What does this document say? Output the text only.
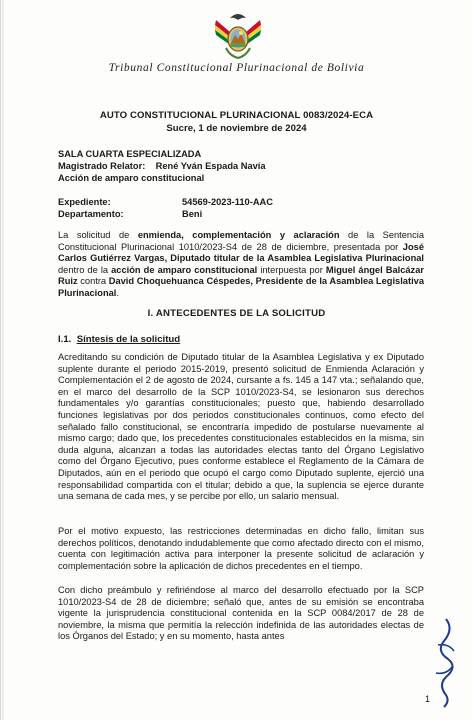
Tribunal Constitucional Plurinacional de Bolivia
AUTO CONSTITUCIONAL PLURINACIONAL 0083/2024-ECA
Sucre, 1 de noviembre de 2024
SALA CUARTA ESPECIALIZADA
Magistrado Relator: René Yván Espada Navía
Acción de amparo constitucional
Expediente:	54569-2023-110-AAC
Departamento:	Beni
La solicitud de enmienda, complementación y aclaración de la Sentencia Constitucional Plurinacional 1010/2023-S4 de 28 de diciembre, presentada por José Carlos Gutiérrez Vargas, Diputado titular de la Asamblea Legislativa Plurinacional dentro de la acción de amparo constitucional interpuesta por Miguel ángel Balcázar Ruiz contra David Choquehuanca Céspedes, Presidente de la Asamblea Legislativa Plurinacional.
I. ANTECEDENTES DE LA SOLICITUD
I.1. Síntesis de la solicitud
Acreditando su condición de Diputado titular de la Asamblea Legislativa y ex Diputado suplente durante el periodo 2015-2019, presentó solicitud de Enmienda Aclaración y Complementación el 2 de agosto de 2024, cursante a fs. 145 a 147 vta.; señalando que, en el marco del desarrollo de la SCP 1010/2023-S4, se lesionaron sus derechos fundamentales y/o garantías constitucionales; puesto que, habiendo desarrollado funciones legislativas por dos periodos constitucionales continuos, como efecto del señalado fallo constitucional, se encontraría impedido de postularse nuevamente al mismo cargo; dado que, los precedentes constitucionales establecidos en la misma, sin duda alguna, alcanzan a todas las autoridades electas tanto del Órgano Legislativo como del Órgano Ejecutivo, pues conforme establece el Reglamento de la Cámara de Diputados, aún en el periodo que ocupó el cargo como Diputado suplente, ejerció una responsabilidad compartida con el titular; debido a que, la suplencia se ejerce durante una semana de cada mes, y se percibe por ello, un salario mensual.
Por el motivo expuesto, las restricciones determinadas en dicho fallo, limitan sus derechos políticos, denotando indudablemente que como afectado directo con el mismo, cuenta con legitimación activa para interponer la presente solicitud de aclaración y complementación sobre la aplicación de dichos precedentes en el tiempo.
Con dicho preámbulo y refiriéndose al marco del desarrollo efectuado por la SCP 1010/2023-S4 de 28 de diciembre; señaló que, antes de su emisión se encontraba vigente la jurisprudencia constitucional contenida en la SCP 0084/2017 de 28 de noviembre, la misma que permitía la relección indefinida de las autoridades electas de los Órganos del Estado; y en su momento, hasta antes
1
